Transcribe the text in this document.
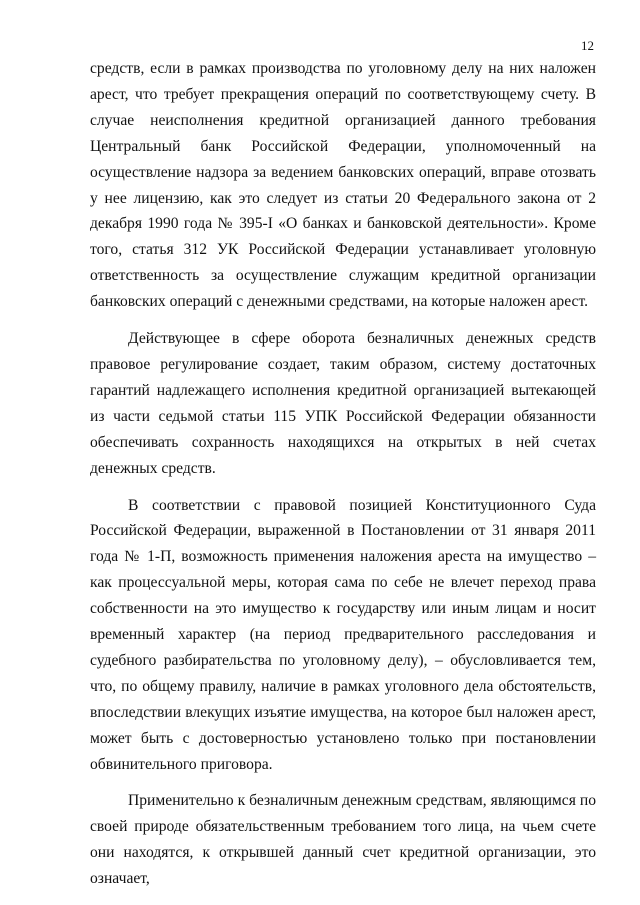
12

средств, если в рамках производства по уголовному делу на них наложен арест, что требует прекращения операций по соответствующему счету. В случае неисполнения кредитной организацией данного требования Центральный банк Российской Федерации, уполномоченный на осуществление надзора за ведением банковских операций, вправе отозвать у нее лицензию, как это следует из статьи 20 Федерального закона от 2 декабря 1990 года № 395-I «О банках и банковской деятельности». Кроме того, статья 312 УК Российской Федерации устанавливает уголовную ответственность за осуществление служащим кредитной организации банковских операций с денежными средствами, на которые наложен арест.

Действующее в сфере оборота безналичных денежных средств правовое регулирование создает, таким образом, систему достаточных гарантий надлежащего исполнения кредитной организацией вытекающей из части седьмой статьи 115 УПК Российской Федерации обязанности обеспечивать сохранность находящихся на открытых в ней счетах денежных средств.

В соответствии с правовой позицией Конституционного Суда Российской Федерации, выраженной в Постановлении от 31 января 2011 года № 1-П, возможность применения наложения ареста на имущество – как процессуальной меры, которая сама по себе не влечет переход права собственности на это имущество к государству или иным лицам и носит временный характер (на период предварительного расследования и судебного разбирательства по уголовному делу), – обусловливается тем, что, по общему правилу, наличие в рамках уголовного дела обстоятельств, впоследствии влекущих изъятие имущества, на которое был наложен арест, может быть с достоверностью установлено только при постановлении обвинительного приговора.

Применительно к безналичным денежным средствам, являющимся по своей природе обязательственным требованием того лица, на чьем счете они находятся, к открывшей данный счет кредитной организации, это означает,
